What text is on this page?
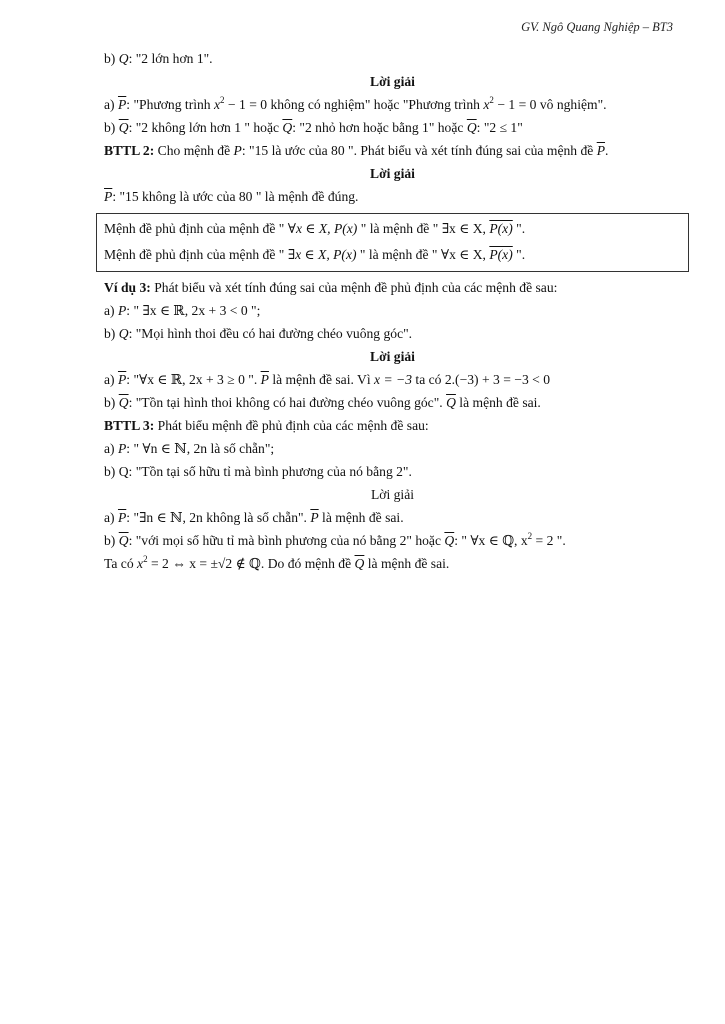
GV. Ngô Quang Nghiệp – BT3
b) Q: "2 lớn hơn 1".
Lời giải
a) $\overline{P}$: "Phương trình $x^2 - 1 = 0$ không có nghiệm" hoặc "Phương trình $x^2 - 1 = 0$ vô nghiệm".
b) $\overline{Q}$: "2 không lớn hơn 1 " hoặc $\overline{Q}$: "2 nhỏ hơn hoặc bằng 1" hoặc $\overline{Q}$: "2 ≤ 1"
BTTL 2: Cho mệnh đề P: "15 là ước của 80 ". Phát biểu và xét tính đúng sai của mệnh đề $\overline{P}$.
Lời giải
$\overline{P}$: "15 không là ước của 80 " là mệnh đề đúng.
Mệnh đề phủ định của mệnh đề " ∀x ∈ X, P(x) " là mệnh đề " ∃x ∈ X, P(x) ".
Mệnh đề phủ định của mệnh đề " ∃x ∈ X, P(x) " là mệnh đề " ∀x ∈ X, P(x) ".
Ví dụ 3: Phát biểu và xét tính đúng sai của mệnh đề phủ định của các mệnh đề sau:
a) P: " ∃x ∈ ℝ, 2x + 3 < 0 ";
b) Q: "Mọi hình thoi đều có hai đường chéo vuông góc".
Lời giải
a) $\overline{P}$: "∀x ∈ ℝ, 2x + 3 ≥ 0 ". $\overline{P}$ là mệnh đề sai. Vì x = −3 ta có 2.(−3) + 3 = −3 < 0
b) $\overline{Q}$: "Tồn tại hình thoi không có hai đường chéo vuông góc". $\overline{Q}$ là mệnh đề sai.
BTTL 3: Phát biểu mệnh đề phủ định của các mệnh đề sau:
a) P: " ∀n ∈ ℕ, 2n là số chẵn";
b) Q: "Tồn tại số hữu tỉ mà bình phương của nó bằng 2".
Lời giải
a) $\overline{P}$: "∃n ∈ ℕ, 2n không là số chẵn". $\overline{P}$ là mệnh đề sai.
b) $\overline{Q}$: "với mọi số hữu tỉ mà bình phương của nó bằng 2" hoặc $\overline{Q}$: " ∀x ∈ ℚ, $x^2 = 2$ ".
Ta có $x^2 = 2$ ⇔ x = ±√2 ∉ ℚ. Do đó mệnh đề $\overline{Q}$ là mệnh đề sai.
